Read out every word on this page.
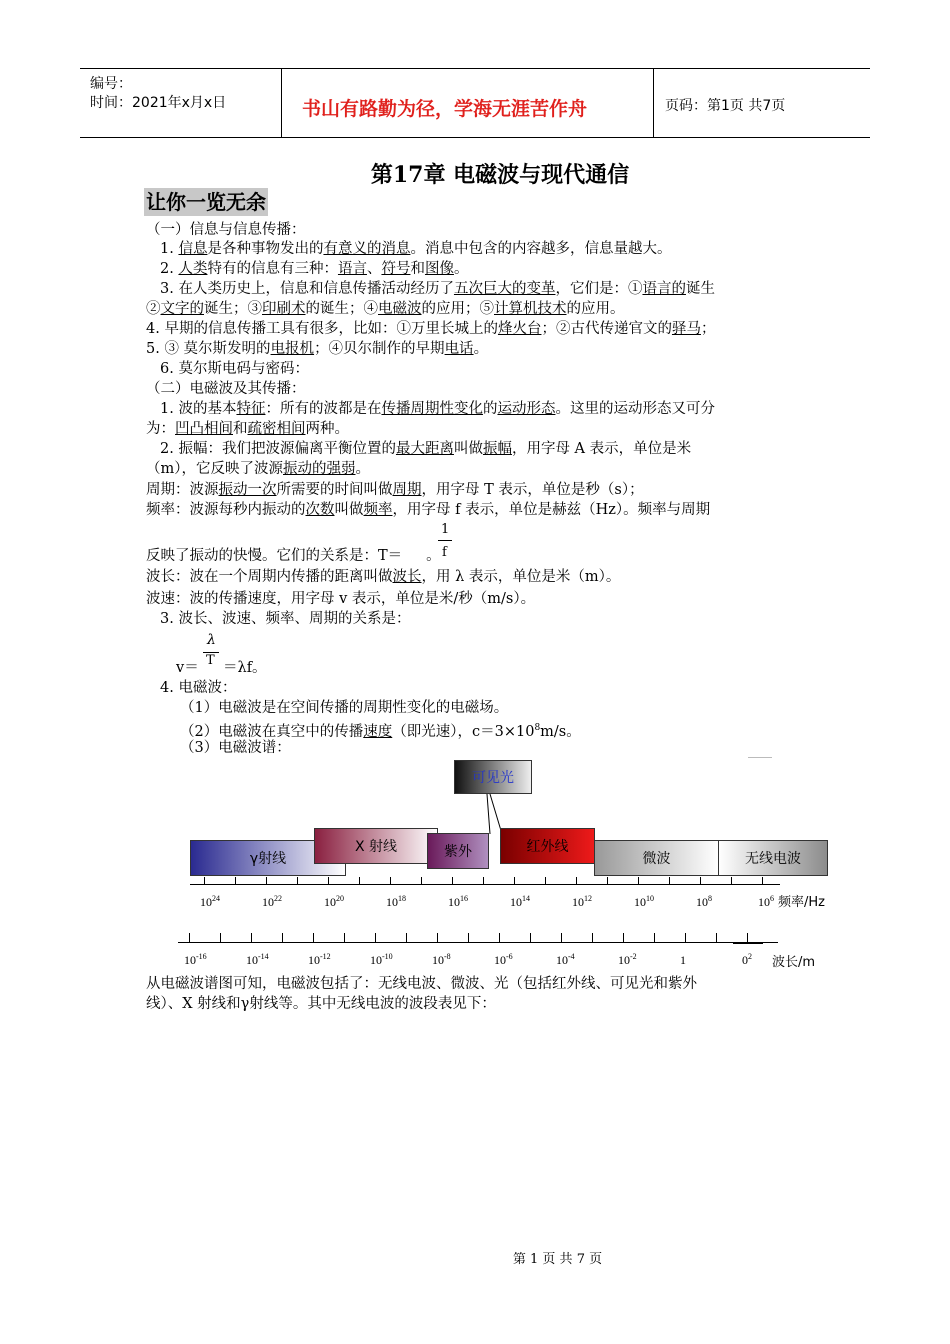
编号：
时间：2021年x月x日	书山有路勤为径，学海无涯苦作舟	页码：第1页 共7页
第17章 电磁波与现代通信
让你一览无余
（一）信息与信息传播：
1. 信息是各种事物发出的有意义的消息。消息中包含的内容越多，信息量越大。
2. 人类特有的信息有三种：语言、符号和图像。
3. 在人类历史上，信息和信息传播活动经历了五次巨大的变革，它们是：①语言的诞生
②文字的诞生；③印刷术的诞生；④电磁波的应用；⑤计算机技术的应用。
4. 早期的信息传播工具有很多，比如：①万里长城上的烽火台；②古代传递官文的驿马；
5. ③ 莫尔斯发明的电报机；④贝尔制作的早期电话。
6. 莫尔斯电码与密码：
（二）电磁波及其传播：
1. 波的基本特征：所有的波都是在传播周期性变化的运动形态。这里的运动形态又可分
为：凹凸相间和疏密相间两种。
2. 振幅：我们把波源偏离平衡位置的最大距离叫做振幅，用字母 A 表示，单位是米
（m），它反映了波源振动的强弱。
周期：波源振动一次所需要的时间叫做周期，用字母 T 表示，单位是秒（s）；
频率：波源每秒内振动的次数叫做频率，用字母 f 表示，单位是赫兹（Hz）。频率与周期
反映了振动的快慢。它们的关系是：T＝ 。
1
f
波长：波在一个周期内传播的距离叫做波长，用 λ 表示，单位是米（m）。
波速：波的传播速度，用字母 v 表示，单位是米/秒（m/s）。
3. 波长、波速、频率、周期的关系是：
v＝
λ
T ＝λf。
4. 电磁波：
（1）电磁波是在空间传播的周期性变化的电磁场。
（2）电磁波在真空中的传播速度（即光速），$c=3\times 10^8m/s$。
（3）电磁波谱：
γ射线
X 射线	紫外
可见光
红外线
微波	无线电波
$10^{24}$	$10^{22}$	$10^{20}$	$10^{18}$	$10^{16}$	$10^{14}$	$10^{12}$	$10^{10}$	$10^8$	$10^6$ 频率/Hz
$10^{-16}$	$10^{-14}$	$10^{-12}$	$10^{-10}$	$10^{-8}$	$10^{-6}$	$10^{-4}$	$10^{-2}$	1	$0^2$ 波长/m
从电磁波谱图可知，电磁波包括了：无线电波、微波、光（包括红外线、可见光和紫外
线）、X 射线和γ射线等。其中无线电波的波段表见下：
第 1 页 共 7 页
